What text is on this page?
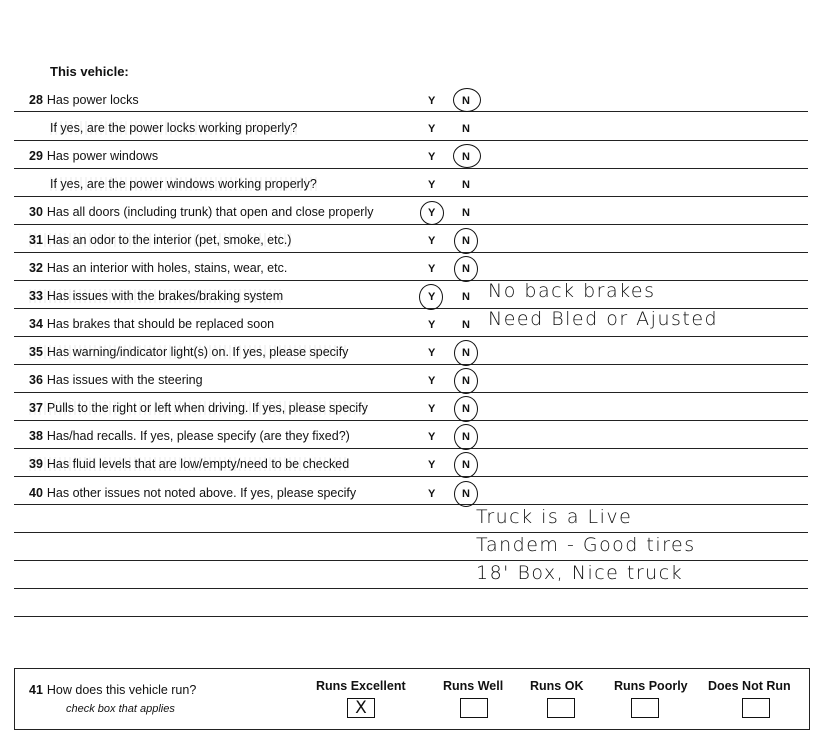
This vehicle:
28 Has power locks	Y N
If yes, are the power locks working properly?	Y N
29 Has power windows	Y N
If yes, are the power windows working properly?	Y N
30 Has all doors (including trunk) that open and close properly	Y N
31 Has an odor to the interior (pet, smoke, etc.)	Y N
32 Has an interior with holes, stains, wear, etc.	Y N
33 Has issues with the brakes/braking system	Y N No back brakes
34 Has brakes that should be replaced soon	Y N Need Bled or Ajusted
35 Has warning/indicator light(s) on. If yes, please specify	Y N
36 Has issues with the steering	Y N
37 Pulls to the right or left when driving. If yes, please specify	Y N
38 Has/had recalls. If yes, please specify (are they fixed?)	Y N
39 Has fluid levels that are low/empty/need to be checked	Y N
40 Has other issues not noted above. If yes, please specify	Y N
Truck is a Live
Tandem - Good tires
18' Box, Nice truck
41 How does this vehicle run?
check box that applies
Runs Excellent
X
Runs Well Runs OK Runs Poorly Does Not Run
